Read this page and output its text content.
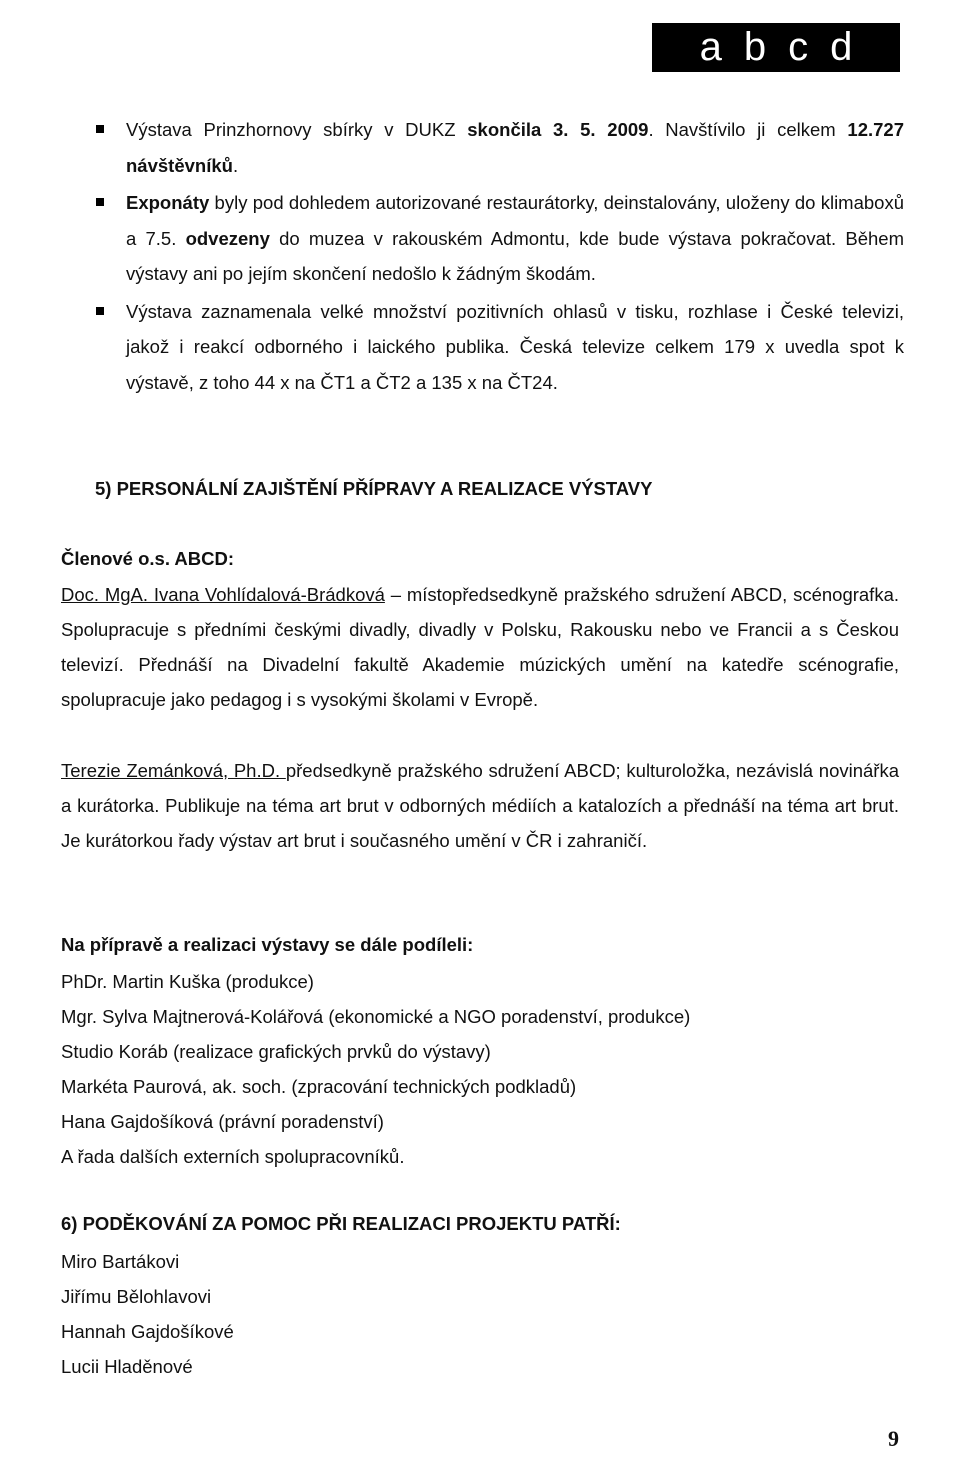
abcd
Výstava Prinzhornovy sbírky v DUKZ skončila 3. 5. 2009. Navštívilo ji celkem 12.727 návštěvníků.
Exponáty byly pod dohledem autorizované restaurátorky, deinstalovány, uloženy do klimaboxů a 7.5. odvezeny do muzea v rakouském Admontu, kde bude výstava pokračovat. Během výstavy ani po jejím skončení nedošlo k žádným škodám.
Výstava zaznamenala velké množství pozitivních ohlasů v tisku, rozhlase i České televizi, jakož i reakcí odborného i laického publika. Česká televize celkem 179 x uvedla spot k výstavě, z toho 44 x na ČT1 a ČT2 a 135 x na ČT24.

5) PERSONÁLNÍ ZAJIŠTĚNÍ PŘÍPRAVY A REALIZACE VÝSTAVY

Členové o.s. ABCD:

Doc. MgA. Ivana Vohlídalová-Brádková – místopředsedkyně pražského sdružení ABCD, scénografka. Spolupracuje s předními českými divadly, divadly v Polsku, Rakousku nebo ve Francii a s Českou televizí. Přednáší na Divadelní fakultě Akademie múzických umění na katedře scénografie, spolupracuje jako pedagog i s vysokými školami v Evropě.

Terezie Zemánková, Ph.D. předsedkyně pražského sdružení ABCD; kulturoložka, nezávislá novinářka a kurátorka. Publikuje na téma art brut v odborných médiích a katalozích a přednáší na téma art brut. Je kurátorkou řady výstav art brut i současného umění v ČR i zahraničí.

Na přípravě a realizaci výstavy se dále podíleli:

PhDr. Martin Kuška (produkce)
Mgr. Sylva Majtnerová-Kolářová (ekonomické a NGO poradenství, produkce)
Studio Koráb (realizace grafických prvků do výstavy)
Markéta Paurová, ak. soch. (zpracování technických podkladů)
Hana Gajdošíková (právní poradenství)
A řada dalších externích spolupracovníků.

6) PODĚKOVÁNÍ ZA POMOC PŘI REALIZACI PROJEKTU PATŘÍ:

Miro Bartákovi
Jiřímu Bělohlavovi
Hannah Gajdošíkové
Lucii Hladěnové

9
